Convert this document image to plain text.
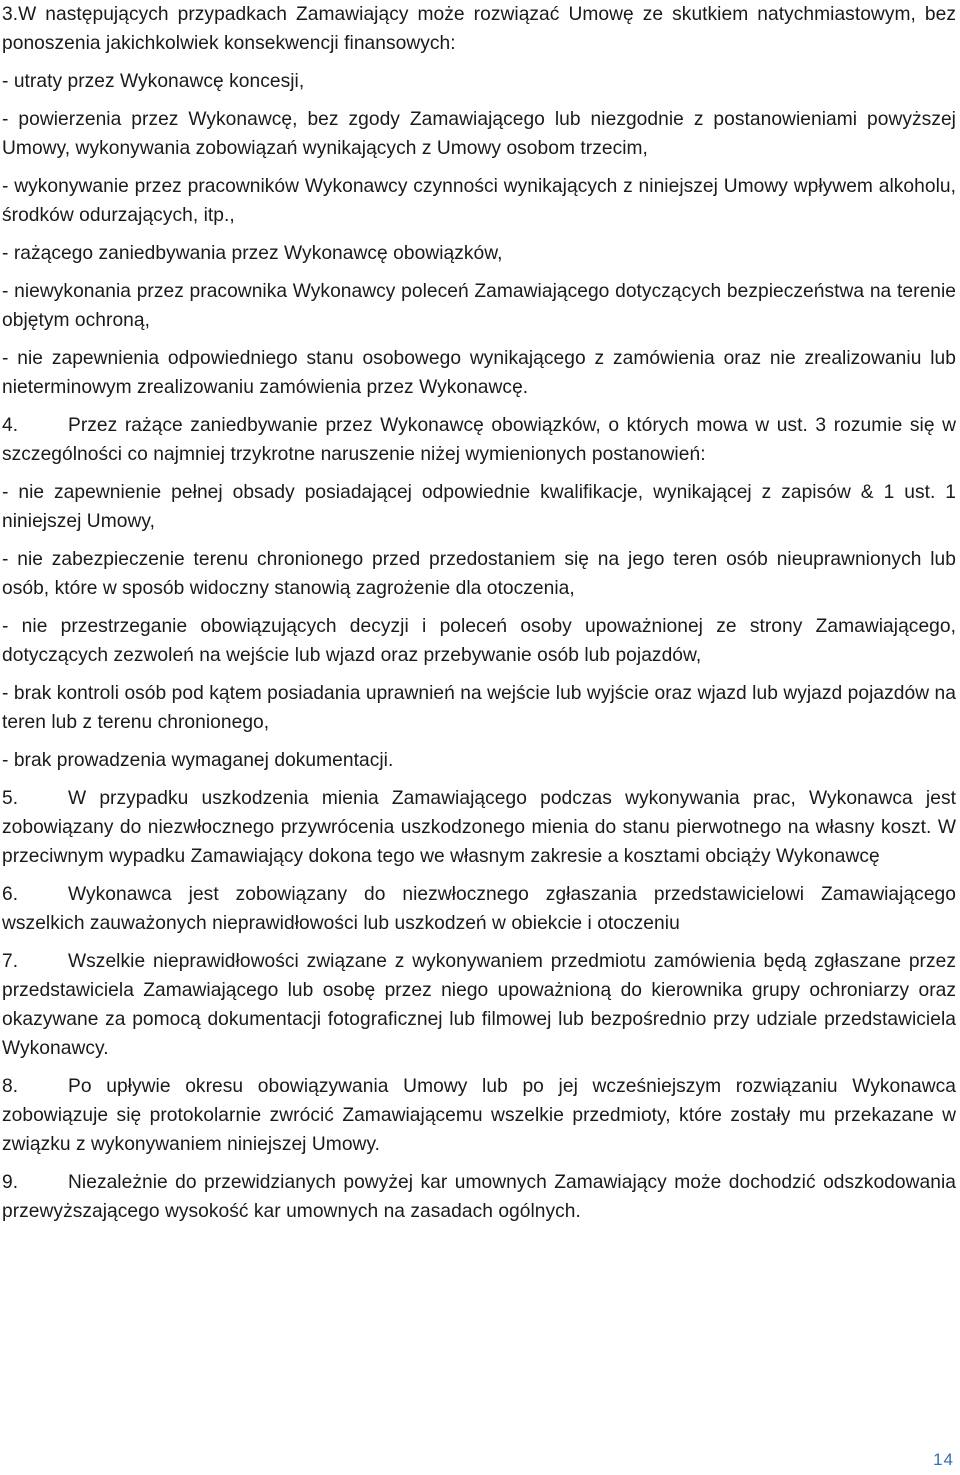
3.W następujących przypadkach Zamawiający może rozwiązać Umowę ze skutkiem natychmiastowym, bez ponoszenia jakichkolwiek konsekwencji finansowych:

- utraty przez Wykonawcę koncesji,

- powierzenia przez Wykonawcę, bez zgody Zamawiającego lub niezgodnie z postanowieniami powyższej Umowy, wykonywania zobowiązań wynikających z Umowy osobom trzecim,

- wykonywanie przez pracowników Wykonawcy czynności wynikających z niniejszej Umowy wpływem alkoholu, środków odurzających, itp.,

- rażącego zaniedbywania przez Wykonawcę obowiązków,

- niewykonania przez pracownika Wykonawcy poleceń Zamawiającego dotyczących bezpieczeństwa na terenie objętym ochroną,

- nie zapewnienia odpowiedniego stanu osobowego wynikającego z zamówienia oraz nie zrealizowaniu lub nieterminowym zrealizowaniu zamówienia przez Wykonawcę.

4.	Przez rażące zaniedbywanie przez Wykonawcę obowiązków, o których mowa w ust. 3 rozumie się w szczególności co najmniej trzykrotne naruszenie niżej wymienionych postanowień:

- nie zapewnienie pełnej obsady posiadającej odpowiednie kwalifikacje, wynikającej z zapisów & 1 ust. 1 niniejszej Umowy,

- nie zabezpieczenie terenu chronionego przed przedostaniem się na jego teren osób nieuprawnionych lub osób, które w sposób widoczny stanowią zagrożenie dla otoczenia,

- nie przestrzeganie obowiązujących decyzji i poleceń osoby upoważnionej ze strony Zamawiającego, dotyczących zezwoleń na wejście lub wjazd oraz przebywanie osób lub pojazdów,

- brak kontroli osób pod kątem posiadania uprawnień na wejście lub wyjście oraz wjazd lub wyjazd pojazdów na teren lub z terenu chronionego,

- brak prowadzenia wymaganej dokumentacji.

5.	W przypadku uszkodzenia mienia Zamawiającego podczas wykonywania prac, Wykonawca jest zobowiązany do niezwłocznego przywrócenia uszkodzonego mienia do stanu pierwotnego na własny koszt. W przeciwnym wypadku Zamawiający dokona tego we własnym zakresie a kosztami obciąży Wykonawcę

6.	Wykonawca jest zobowiązany do niezwłocznego zgłaszania przedstawicielowi Zamawiającego wszelkich zauważonych nieprawidłowości lub uszkodzeń w obiekcie i otoczeniu

7.	Wszelkie nieprawidłowości związane z wykonywaniem przedmiotu zamówienia będą zgłaszane przez przedstawiciela Zamawiającego lub osobę przez niego upoważnioną do kierownika grupy ochroniarzy oraz okazywane za pomocą dokumentacji fotograficznej lub filmowej lub bezpośrednio przy udziale przedstawiciela Wykonawcy.

8.	Po upływie okresu obowiązywania Umowy lub po jej wcześniejszym rozwiązaniu Wykonawca zobowiązuje się protokolarnie zwrócić Zamawiającemu wszelkie przedmioty, które zostały mu przekazane w związku z wykonywaniem niniejszej Umowy.

9.	Niezależnie do przewidzianych powyżej kar umownych Zamawiający może dochodzić odszkodowania przewyższającego wysokość kar umownych na zasadach ogólnych.

14
